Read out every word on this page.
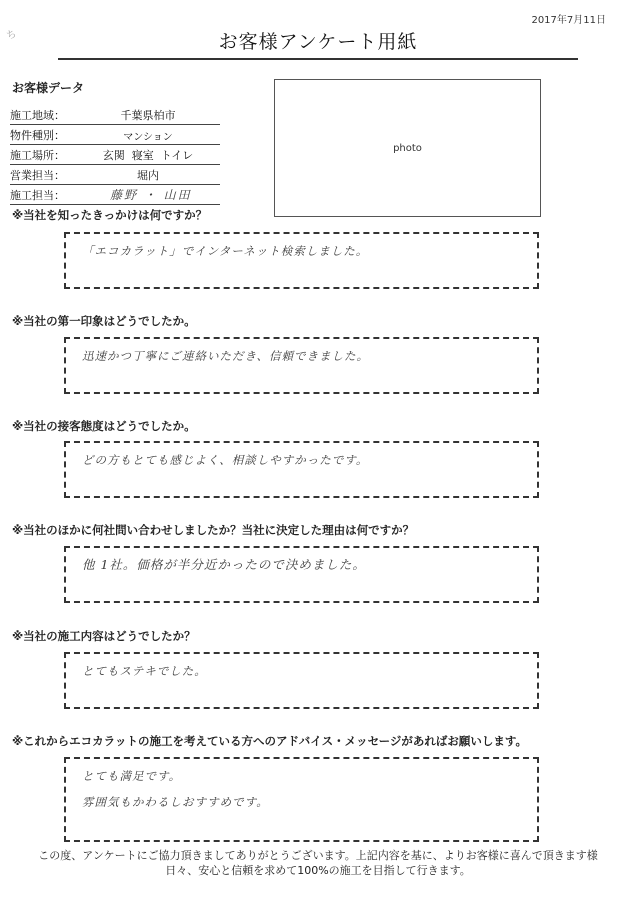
ち
2017年7月11日
お客様アンケート用紙
お客様データ
施工地域：	千葉県柏市
物件種別：	マンション
施工場所：	玄関  寝室  トイレ
営業担当：	堀内
施工担当：	藤野 ・ 山田
photo
※当社を知ったきっかけは何ですか？
「エコカラット」でインターネット検索しました。
※当社の第一印象はどうでしたか。
迅速かつ丁寧にご連絡いただき、信頼できました。
※当社の接客態度はどうでしたか。
どの方もとても感じよく、相談しやすかったです。
※当社のほかに何社問い合わせしましたか？当社に決定した理由は何ですか？
他 1社。価格が半分近かったので決めました。
※当社の施工内容はどうでしたか？
とてもステキでした。
※これからエコカラットの施工を考えている方へのアドバイス・メッセージがあればお願いします。
とても満足です。
雰囲気もかわるしおすすめです。
この度、アンケートにご協力頂きましてありがとうございます。上記内容を基に、よりお客様に喜んで頂きます様
日々、安心と信頼を求めて100%の施工を目指して行きます。
